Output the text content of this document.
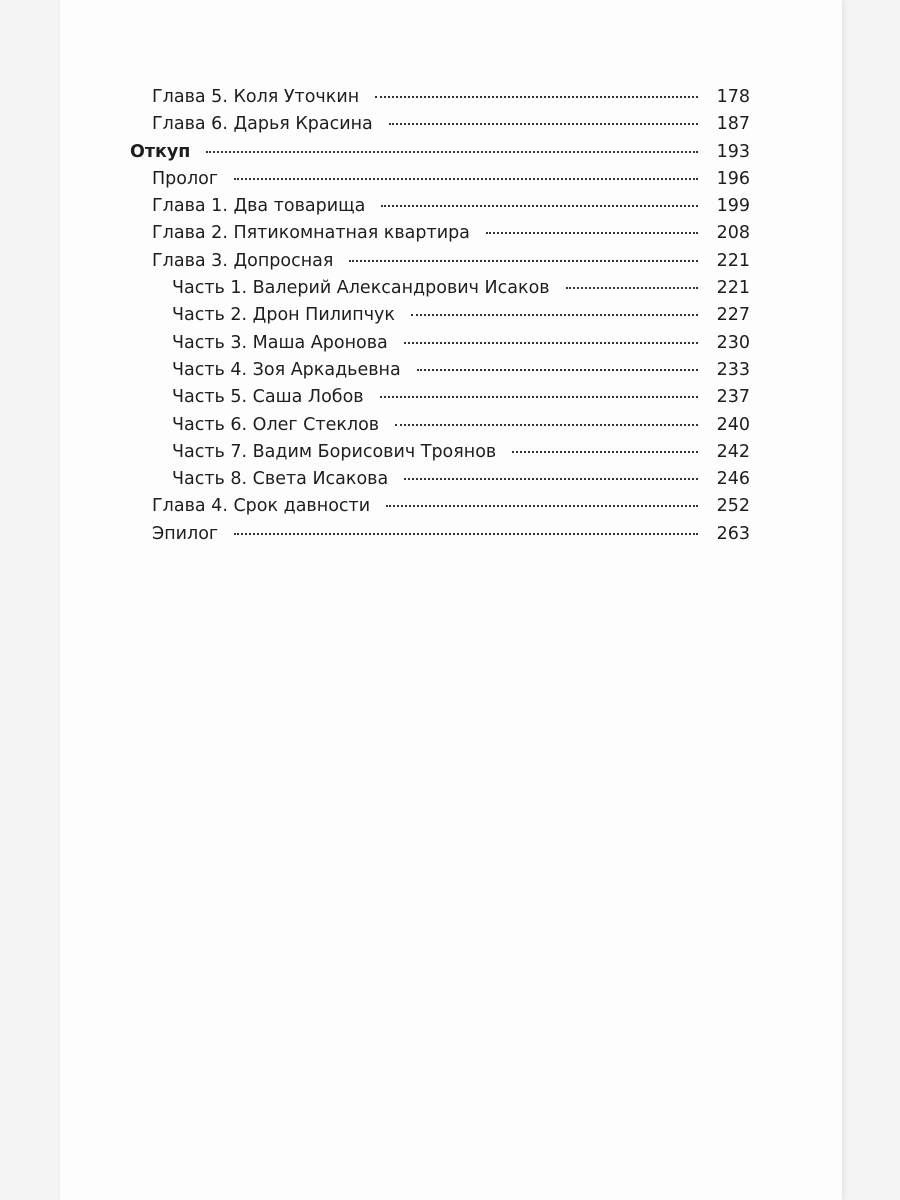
Глава 5. Коля Уточкин	178
Глава 6. Дарья Красина	187
Откуп	193
Пролог	196
Глава 1. Два товарища	199
Глава 2. Пятикомнатная квартира	208
Глава 3. Допросная	221
Часть 1. Валерий Александрович Исаков	221
Часть 2. Дрон Пилипчук	227
Часть 3. Маша Аронова	230
Часть 4. Зоя Аркадьевна	233
Часть 5. Саша Лобов	237
Часть 6. Олег Стеклов	240
Часть 7. Вадим Борисович Троянов	242
Часть 8. Света Исакова	246
Глава 4. Срок давности	252
Эпилог	263
